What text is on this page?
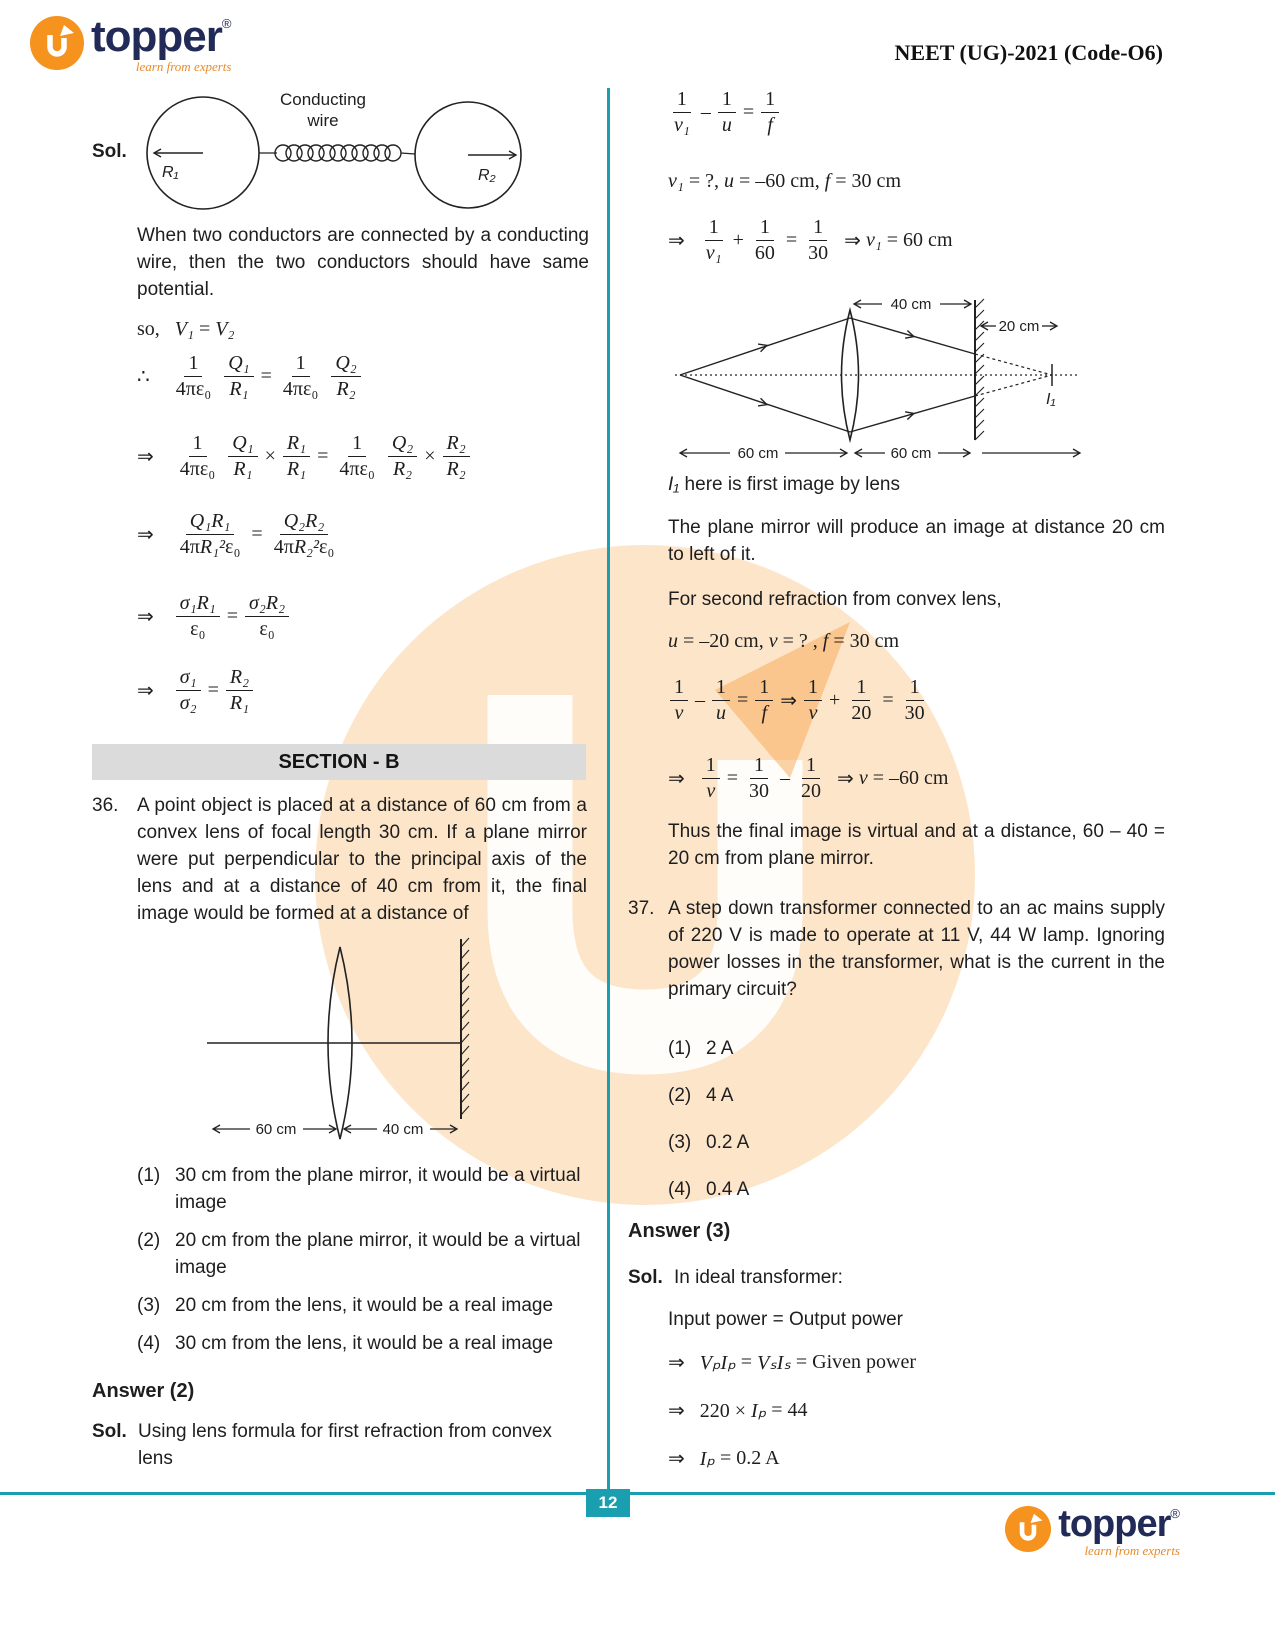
topper®
learn from experts
NEET (UG)-2021 (Code-O6)
Sol.
R₁	R₂
Conducting
wire
When two conductors are connected by a conducting wire, then the two conductors should have same potential.
so, V₁ = V₂
∴ $\frac{1}{\text{4πε₀}}$
$\frac{\text{Q₁}}{\text{R₁}} = \frac{1}{\text{4πε₀}}$
$\frac{\text{Q₂}}{\text{R₂}}$
⇒ $\frac{1}{\text{4πε₀}}$
$\frac{\text{Q₁}}{\text{R₁}} \times \frac{\text{R₁}}{\text{R₁}} = \frac{1}{\text{4πε₀}}$
$\frac{\text{Q₂}}{\text{R₂}} \times \frac{\text{R₂}}{\text{R₂}}$
⇒ $\frac{\text{Q₁R₁}}{\text{4πR₁²ε₀}} = \frac{\text{Q₂R₂}}{\text{4πR₂²ε₀}}$
⇒ $\frac{\text{σ₁R₁}}{\text{ε₀}} = \frac{\text{σ₂R₂}}{\text{ε₀}}$
⇒ $\frac{\text{σ₁}}{\text{σ₂}} = \frac{\text{R₂}}{\text{R₁}}$
SECTION - B
36. A point object is placed at a distance of 60 cm from a convex lens of focal length 30 cm. If a plane mirror were put perpendicular to the principal axis of the lens and at a distance of 40 cm from it, the final image would be formed at a distance of
60 cm	40 cm
(1) 30 cm from the plane mirror, it would be a virtual image
(2) 20 cm from the plane mirror, it would be a virtual image
(3) 20 cm from the lens, it would be a real image
(4) 30 cm from the lens, it would be a real image
Answer (2)
Sol. Using lens formula for first refraction from convex lens
$\frac{1}{\text{v₁}} - \frac{1}{u} = \frac{1}{f}$
v₁ = ?, u = –60 cm, f = 30 cm
⇒ $\frac{1}{\text{v₁}} + \frac{1}{60} = \frac{1}{30}$ ⇒ v₁ = 60 cm
I₁
40 cm
20 cm
60 cm	60 cm
I₁ here is first image by lens
The plane mirror will produce an image at distance 20 cm to left of it.
For second refraction from convex lens,
u = –20 cm, v = ? , f = 30 cm
$\frac{1}{v} - \frac{1}{u} = \frac{1}{f}$ ⇒ $\frac{1}{v} + \frac{1}{20} = \frac{1}{30}$
⇒ $\frac{1}{v} = \frac{1}{30} - \frac{1}{20}$ ⇒ v = –60 cm
Thus the final image is virtual and at a distance, 60 – 40 = 20 cm from plane mirror.
37. A step down transformer connected to an ac mains supply of 220 V is made to operate at 11 V, 44 W lamp. Ignoring power losses in the transformer, what is the current in the primary circuit?
(1) 2 A
(2) 4 A
(3) 0.2 A
(4) 0.4 A
Answer (3)
Sol. In ideal transformer:
Input power = Output power
⇒ VₚIₚ = VₛIₛ = Given power
⇒   220 × Iₚ = 44
⇒ Iₚ = 0.2 A
12
topper®
learn from experts
